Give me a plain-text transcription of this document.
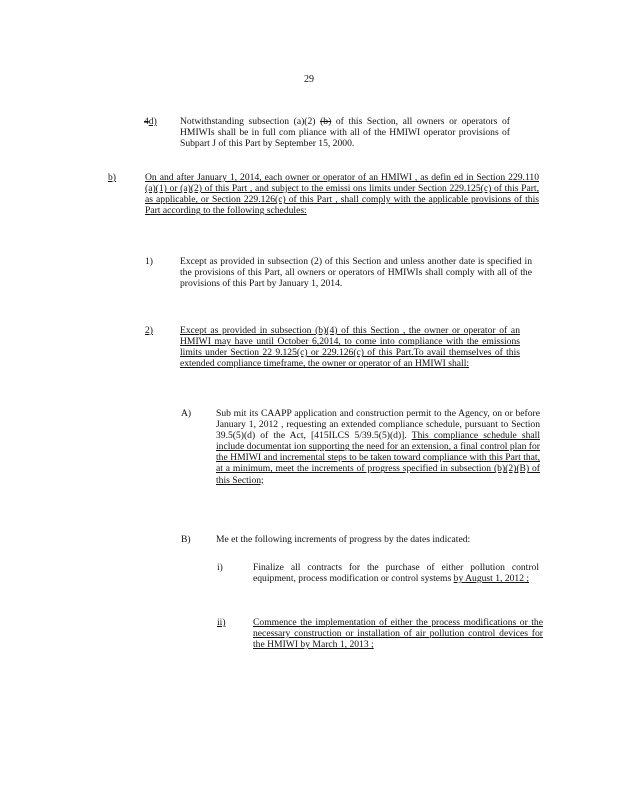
29
4d) Notwithstanding subsection (a)(2) (b) of this Section, all owners or operators of HMIWIs shall be in full com pliance with all of the HMIWI operator provisions of Subpart J of this Part by September 15, 2000.
b)	On and after January 1, 2014, each owner or operator of an HMIWI , as defin ed in Section 229.110 (a)(1) or (a)(2) of this Part , and subject to the emissi ons limits under Section 229.125(c) of this Part, as applicable, or Section 229.126(c) of this Part , shall comply with the applicable provisions of this Part according to the following schedules:
1)	Except as provided in subsection (2) of this Section and unless another date is specified in the provisions of this Part, all owners or operators of HMIWIs shall comply with all of the provisions of this Part by January 1, 2014.
2)	Except as provided in subsection (b)(4) of this Section , the owner or operator of an HMIWI may have until October 6,2014, to come into compliance with the emissions limits under Section 22 9.125(c) or 229.126(c) of this Part.To avail themselves of this extended compliance timeframe, the owner or operator of an HMIWI shall:
A)	Sub mit its CAAPP application and construction permit to the Agency, on or before January 1, 2012 , requesting an extended compliance schedule, pursuant to Section 39.5(5)(d) of the Act, [415ILCS 5/39.5(5)(d)]. This compliance schedule shall include documentat ion supporting the need for an extension, a final control plan for the HMIWI and incremental steps to be taken toward compliance with this Part that, at a minimum, meet the increments of progress specified in subsection (b)(2)(B) of this Section;
B)	Me et the following increments of progress by the dates indicated:
i)	Finalize all contracts for the purchase of either pollution control equipment, process modification or control systems by August 1, 2012 ;
ii)	Commence the implementation of either the process modifications or the necessary construction or installation of air pollution control devices for the HMIWI by March 1, 2013 ;
